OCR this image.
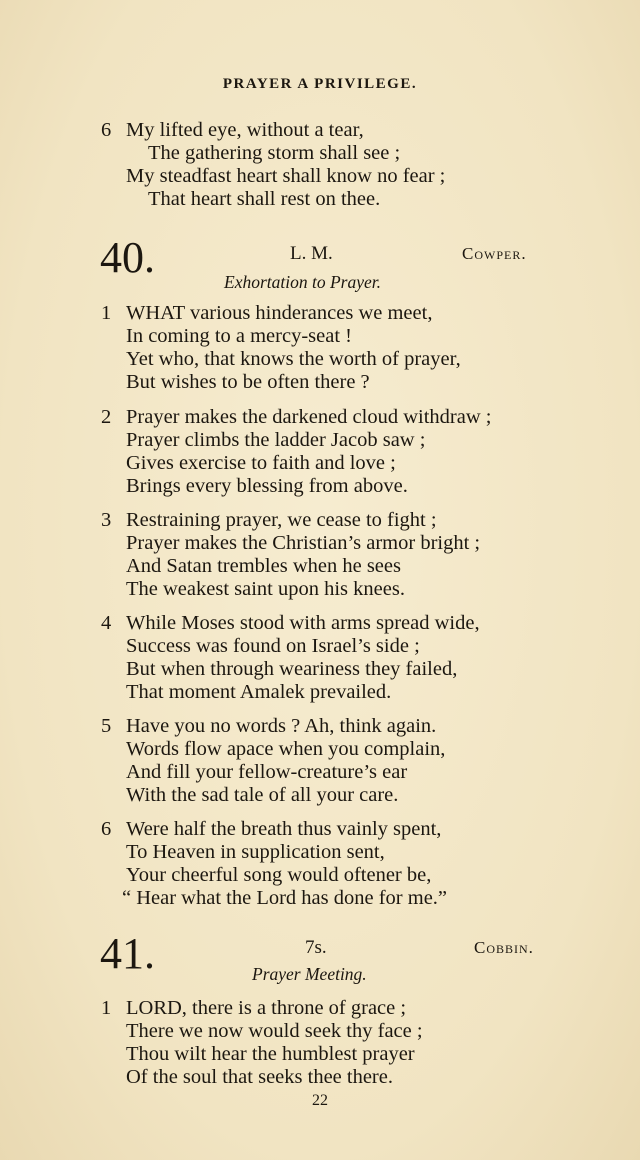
PRAYER A PRIVILEGE.
6 My lifted eye, without a tear,
The gathering storm shall see ;
My steadfast heart shall know no fear ;
That heart shall rest on thee.
40.	L. M.	Cowper.
Exhortation to Prayer.
1 WHAT various hinderances we meet,
In coming to a mercy-seat !
Yet who, that knows the worth of prayer,
But wishes to be often there ?
2 Prayer makes the darkened cloud withdraw ;
Prayer climbs the ladder Jacob saw ;
Gives exercise to faith and love ;
Brings every blessing from above.
3 Restraining prayer, we cease to fight ;
Prayer makes the Christian’s armor bright ;
And Satan trembles when he sees
The weakest saint upon his knees.
4 While Moses stood with arms spread wide,
Success was found on Israel’s side ;
But when through weariness they failed,
That moment Amalek prevailed.
5 Have you no words ? Ah, think again.
Words flow apace when you complain,
And fill your fellow-creature’s ear
With the sad tale of all your care.
6 Were half the breath thus vainly spent,
To Heaven in supplication sent,
Your cheerful song would oftener be,
“ Hear what the Lord has done for me.”
41.	7s.	Cobbin.
Prayer Meeting.
1 LORD, there is a throne of grace ;
There we now would seek thy face ;
Thou wilt hear the humblest prayer
Of the soul that seeks thee there.
22
